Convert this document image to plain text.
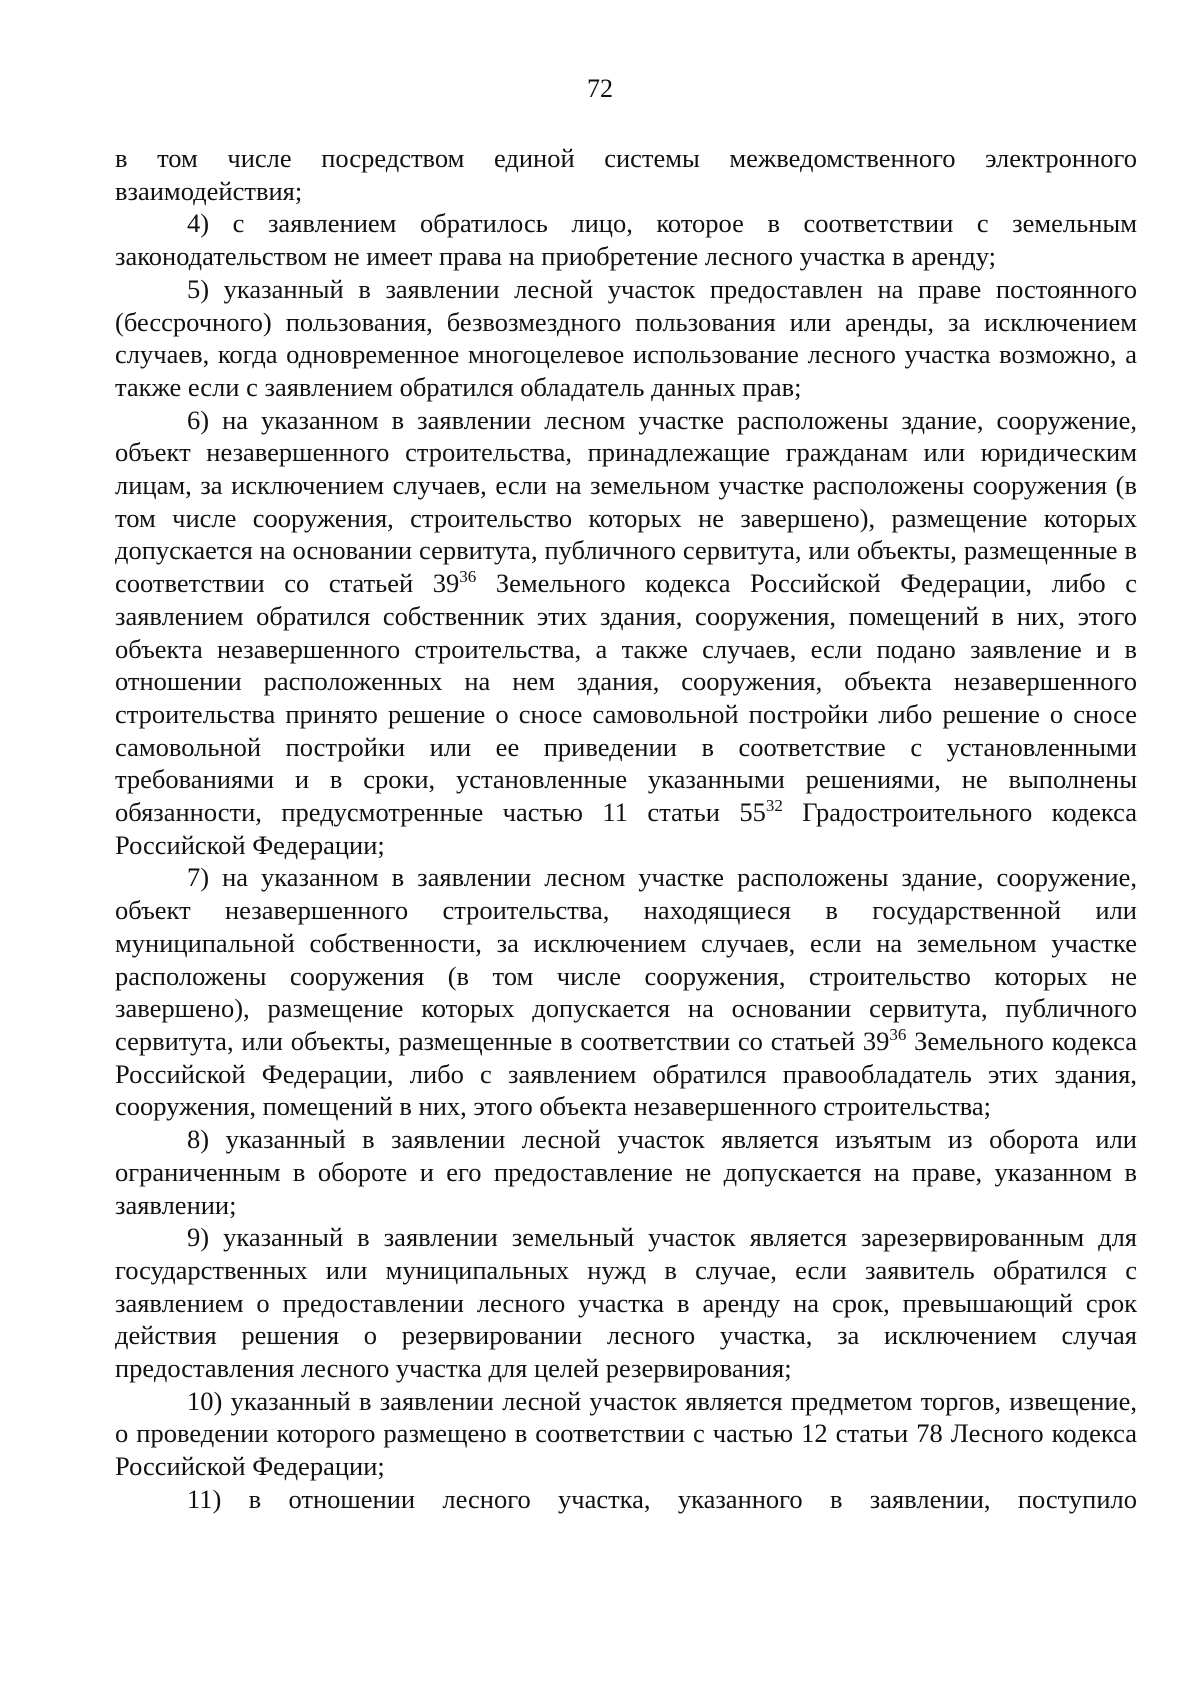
72

в том числе посредством единой системы межведомственного электронного взаимодействия;

4) с заявлением обратилось лицо, которое в соответствии с земельным законодательством не имеет права на приобретение лесного участка в аренду;

5) указанный в заявлении лесной участок предоставлен на праве постоянного (бессрочного) пользования, безвозмездного пользования или аренды, за исключением случаев, когда одновременное многоцелевое использование лесного участка возможно, а также если с заявлением обратился обладатель данных прав;

6) на указанном в заявлении лесном участке расположены здание, сооружение, объект незавершенного строительства, принадлежащие гражданам или юридическим лицам, за исключением случаев, если на земельном участке расположены сооружения (в том числе сооружения, строительство которых не завершено), размещение которых допускается на основании сервитута, публичного сервитута, или объекты, размещенные в соответствии со статьей $39^{36}$ Земельного кодекса Российской Федерации, либо с заявлением обратился собственник этих здания, сооружения, помещений в них, этого объекта незавершенного строительства, а также случаев, если подано заявление и в отношении расположенных на нем здания, сооружения, объекта незавершенного строительства принято решение о сносе самовольной постройки либо решение о сносе самовольной постройки или ее приведении в соответствие с установленными требованиями и в сроки, установленные указанными решениями, не выполнены обязанности, предусмотренные частью 11 статьи $55^{32}$ Градостроительного кодекса Российской Федерации;

7) на указанном в заявлении лесном участке расположены здание, сооружение, объект незавершенного строительства, находящиеся в государственной или муниципальной собственности, за исключением случаев, если на земельном участке расположены сооружения (в том числе сооружения, строительство которых не завершено), размещение которых допускается на основании сервитута, публичного сервитута, или объекты, размещенные в соответствии со статьей $39^{36}$ Земельного кодекса Российской Федерации, либо с заявлением обратился правообладатель этих здания, сооружения, помещений в них, этого объекта незавершенного строительства;

8) указанный в заявлении лесной участок является изъятым из оборота или ограниченным в обороте и его предоставление не допускается на праве, указанном в заявлении;

9) указанный в заявлении земельный участок является зарезервированным для государственных или муниципальных нужд в случае, если заявитель обратился с заявлением о предоставлении лесного участка в аренду на срок, превышающий срок действия решения о резервировании лесного участка, за исключением случая предоставления лесного участка для целей резервирования;

10) указанный в заявлении лесной участок является предметом торгов, извещение, о проведении которого размещено в соответствии с частью 12 статьи 78 Лесного кодекса Российской Федерации;

11) в отношении лесного участка, указанного в заявлении, поступило
